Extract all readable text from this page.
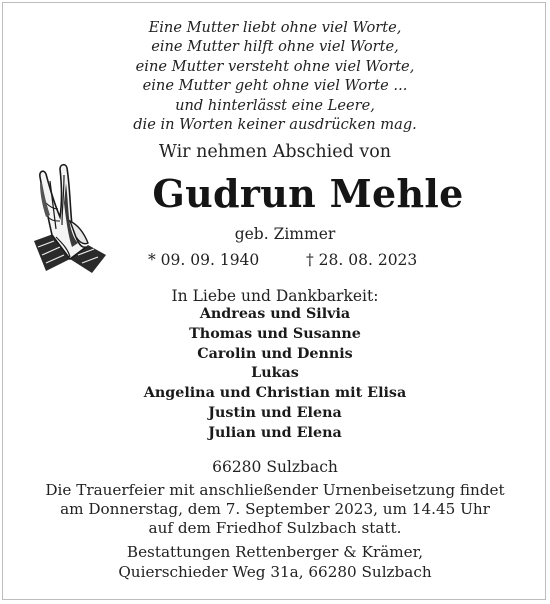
Eine Mutter liebt ohne viel Worte,
eine Mutter hilft ohne viel Worte,
eine Mutter versteht ohne viel Worte,
eine Mutter geht ohne viel Worte ...
und hinterlässt eine Leere,
die in Worten keiner ausdrücken mag.
Wir nehmen Abschied von
Gudrun Mehle
geb. Zimmer
* 09. 09. 1940	† 28. 08. 2023
In Liebe und Dankbarkeit:
Andreas und Silvia
Thomas und Susanne
Carolin und Dennis
Lukas
Angelina und Christian mit Elisa
Justin und Elena
Julian und Elena
66280 Sulzbach
Die Trauerfeier mit anschließender Urnenbeisetzung findet
am Donnerstag, dem 7. September 2023, um 14.45 Uhr
auf dem Friedhof Sulzbach statt.
Bestattungen Rettenberger & Krämer,
Quierschieder Weg 31a, 66280 Sulzbach
